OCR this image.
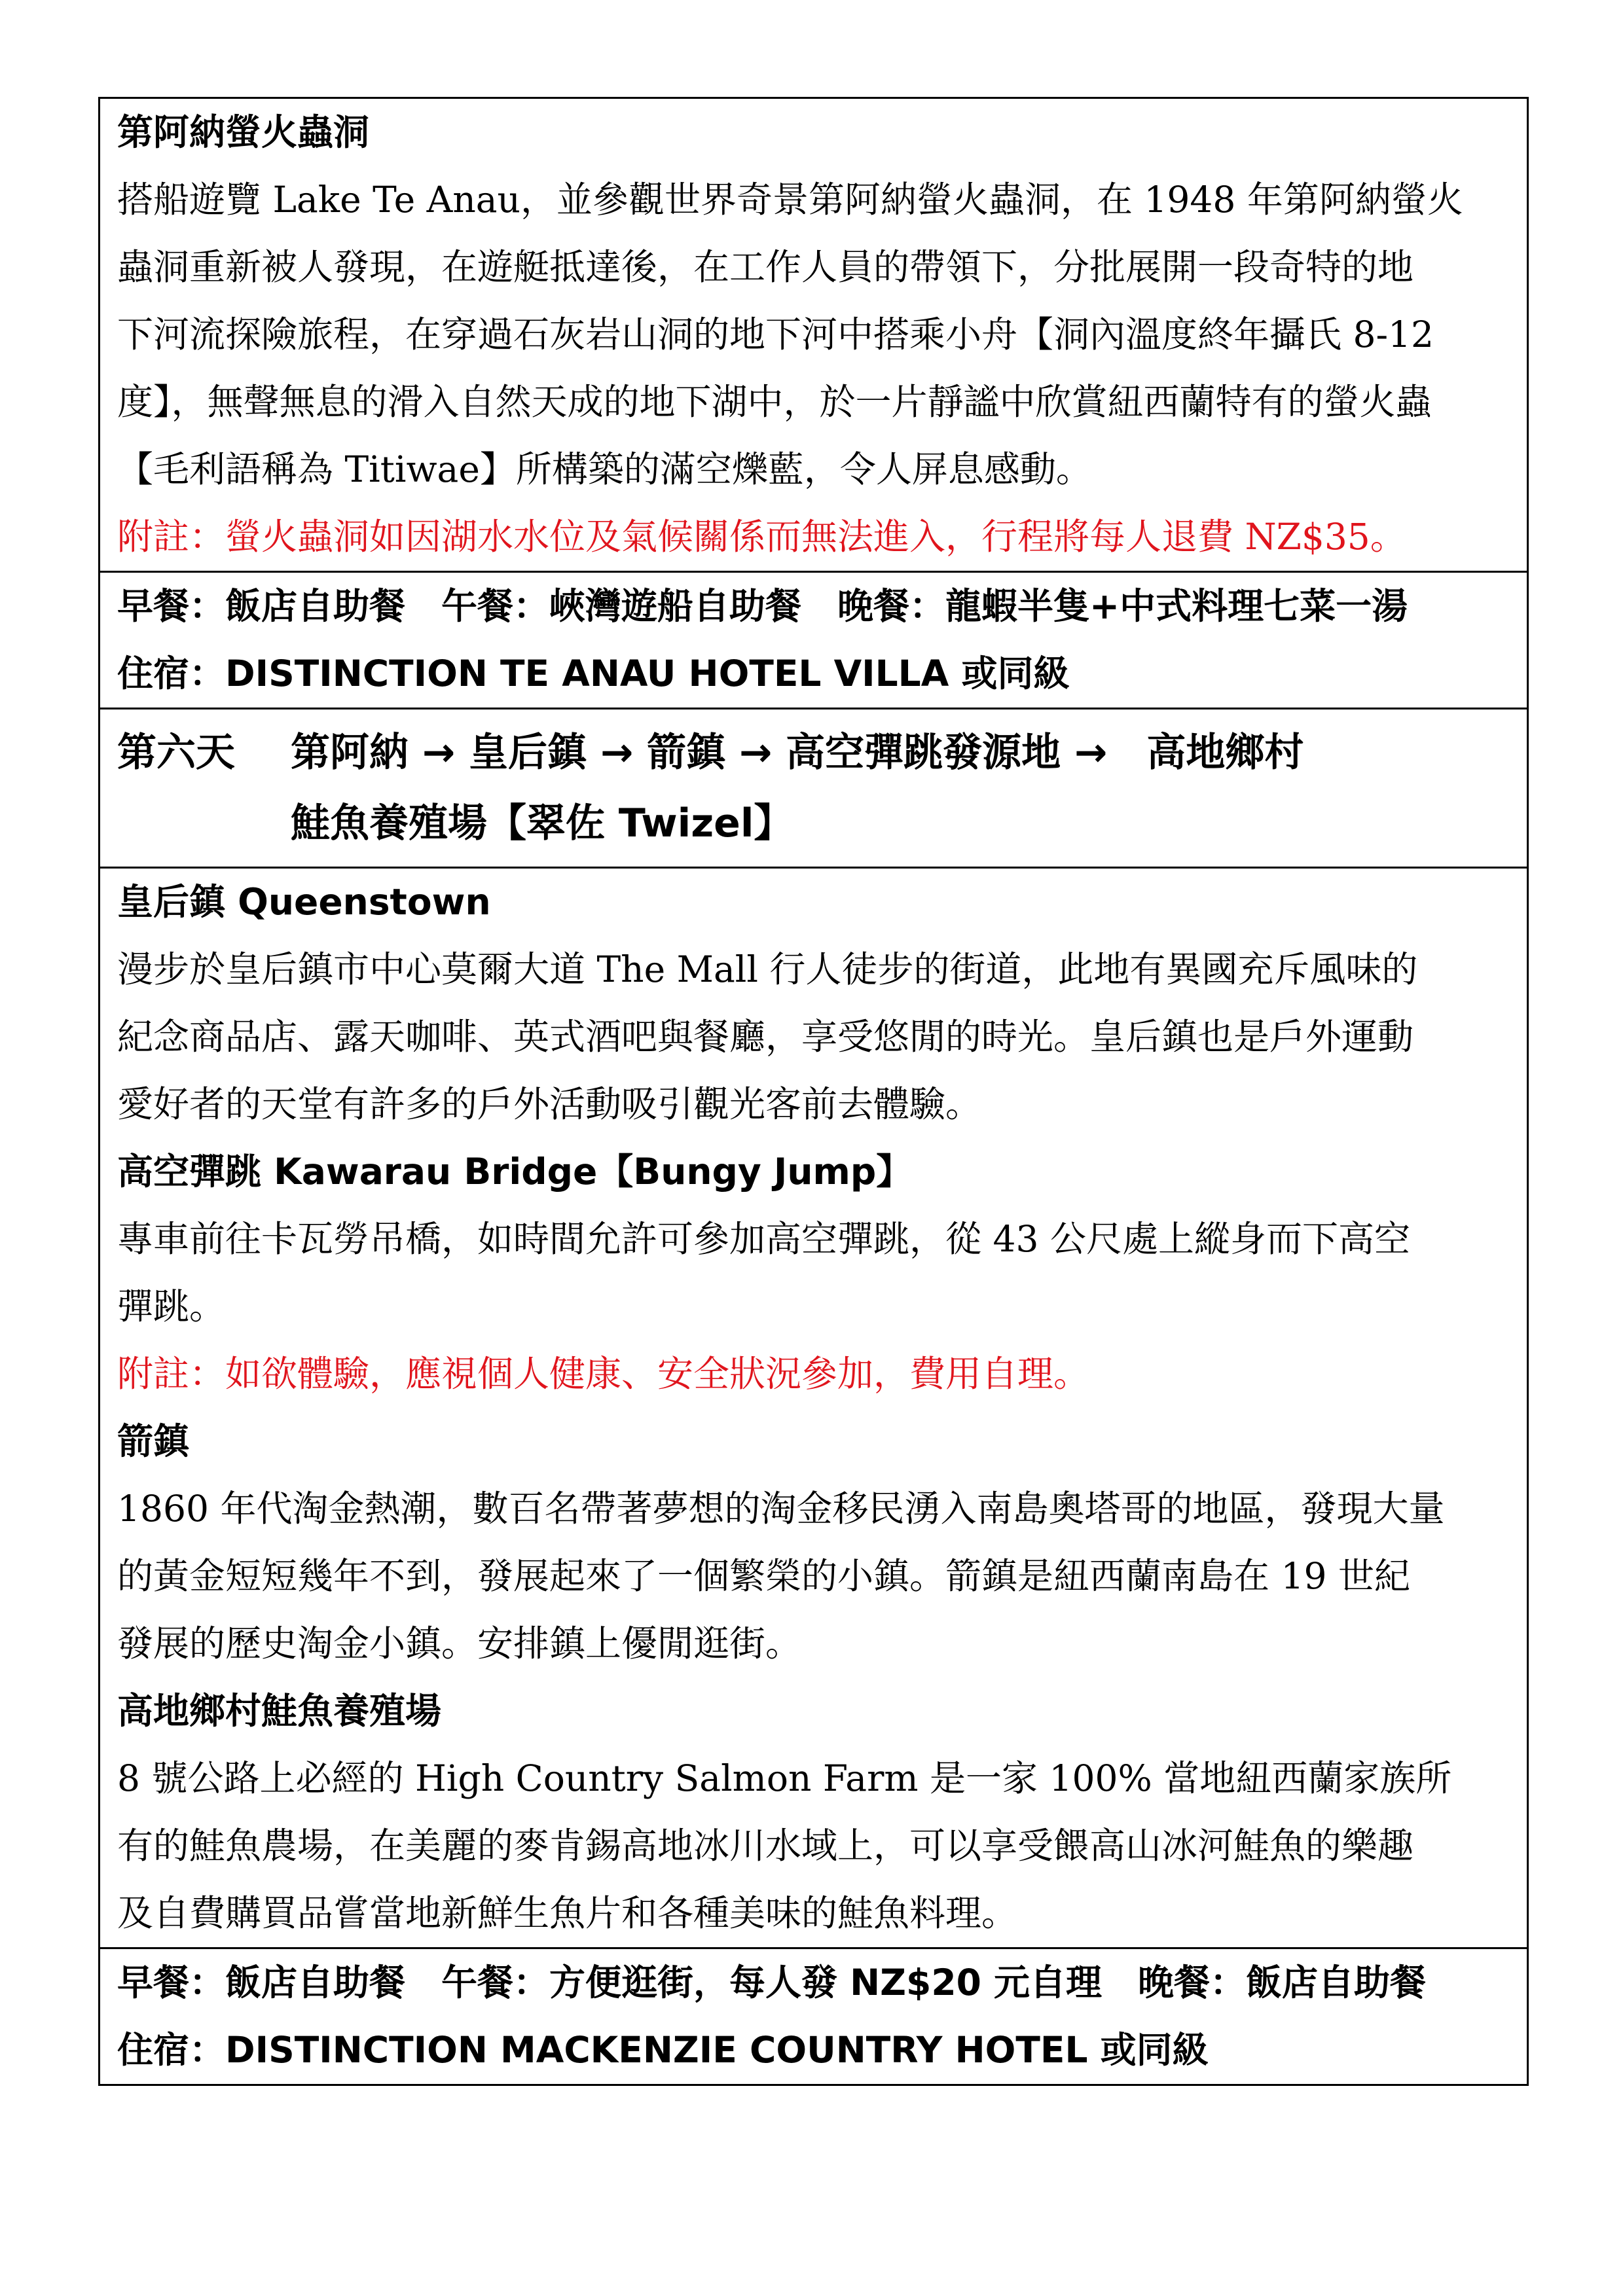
第阿納螢火蟲洞
搭船遊覽 Lake Te Anau，並參觀世界奇景第阿納螢火蟲洞，在 1948 年第阿納螢火
蟲洞重新被人發現，在遊艇抵達後，在工作人員的帶領下，分批展開一段奇特的地
下河流探險旅程，在穿過石灰岩山洞的地下河中搭乘小舟【洞內溫度終年攝氏 8-12
度】，無聲無息的滑入自然天成的地下湖中，於一片靜謐中欣賞紐西蘭特有的螢火蟲
【毛利語稱為 Titiwae】所構築的滿空爍藍，令人屏息感動。
附註：螢火蟲洞如因湖水水位及氣候關係而無法進入，行程將每人退費 NZ$35。
早餐：飯店自助餐　午餐：峽灣遊船自助餐　晚餐：龍蝦半隻+中式料理七菜一湯
住宿：DISTINCTION TE ANAU HOTEL VILLA 或同級
第六天 第阿納 → 皇后鎮 → 箭鎮 → 高空彈跳發源地 →　高地鄉村
鮭魚養殖場【翠佐 Twizel】
皇后鎮 Queenstown
漫步於皇后鎮市中心莫爾大道 The Mall 行人徒步的街道，此地有異國充斥風味的
紀念商品店、露天咖啡、英式酒吧與餐廳，享受悠閒的時光。皇后鎮也是戶外運動
愛好者的天堂有許多的戶外活動吸引觀光客前去體驗。
高空彈跳 Kawarau Bridge【Bungy Jump】
專車前往卡瓦勞吊橋，如時間允許可參加高空彈跳，從 43 公尺處上縱身而下高空
彈跳。
附註：如欲體驗，應視個人健康、安全狀況參加，費用自理。
箭鎮
1860 年代淘金熱潮，數百名帶著夢想的淘金移民湧入南島奧塔哥的地區，發現大量
的黃金短短幾年不到，發展起來了一個繁榮的小鎮。箭鎮是紐西蘭南島在 19 世紀
發展的歷史淘金小鎮。安排鎮上優閒逛街。
高地鄉村鮭魚養殖場
8 號公路上必經的 High Country Salmon Farm 是一家 100% 當地紐西蘭家族所
有的鮭魚農場，在美麗的麥肯錫高地冰川水域上，可以享受餵高山冰河鮭魚的樂趣
及自費購買品嘗當地新鮮生魚片和各種美味的鮭魚料理。
早餐：飯店自助餐　午餐：方便逛街，每人發 NZ$20 元自理　晚餐：飯店自助餐
住宿：DISTINCTION MACKENZIE COUNTRY HOTEL 或同級
